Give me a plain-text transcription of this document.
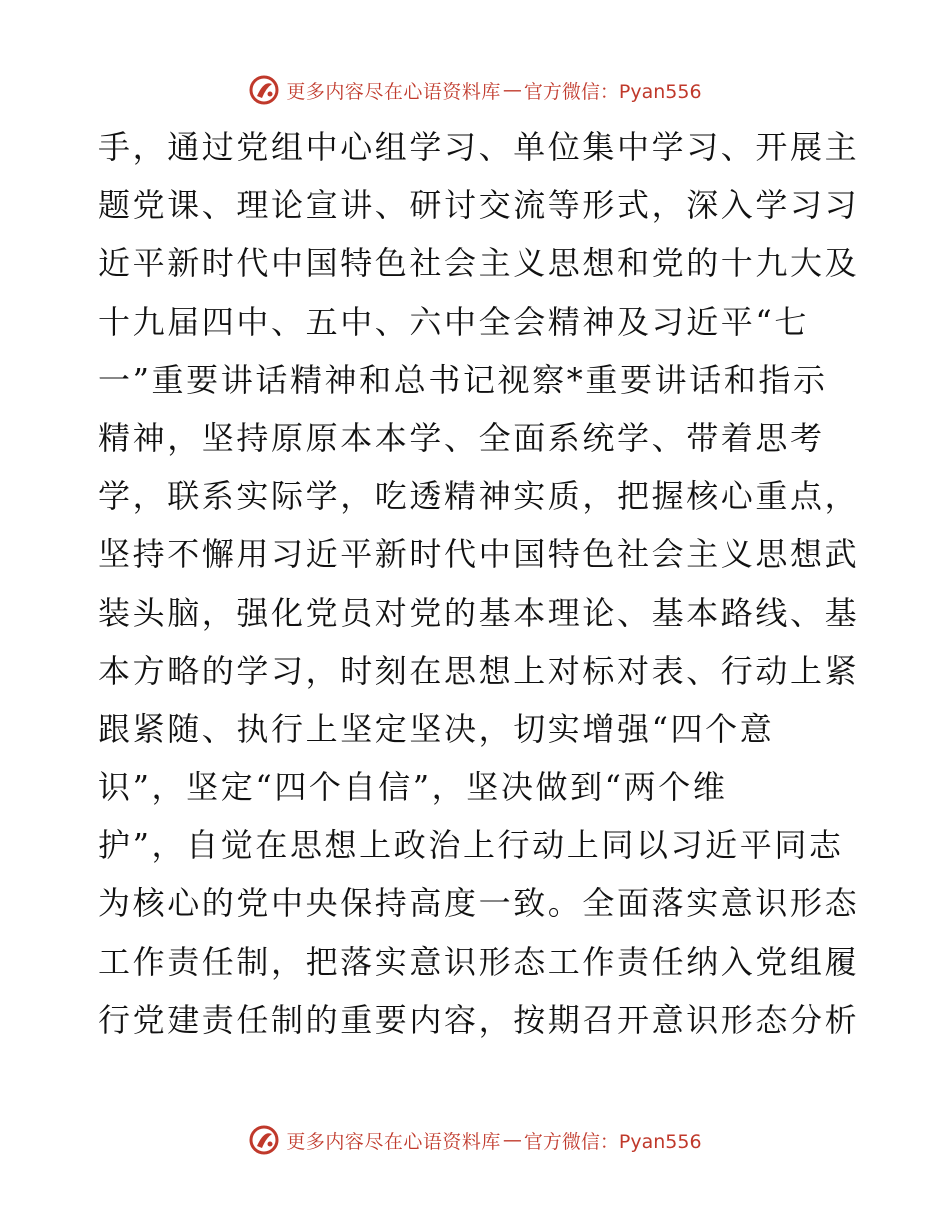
更多内容尽在心语资料库 — 官方微信：Pyan556
手，通过党组中心组学习、单位集中学习、开展主
题党课、理论宣讲、研讨交流等形式，深入学习习
近平新时代中国特色社会主义思想和党的十九大及
十九届四中、五中、六中全会精神及习近平“七
一”重要讲话精神和总书记视察*重要讲话和指示
精神，坚持原原本本学、全面系统学、带着思考
学，联系实际学，吃透精神实质，把握核心重点，
坚持不懈用习近平新时代中国特色社会主义思想武
装头脑，强化党员对党的基本理论、基本路线、基
本方略的学习，时刻在思想上对标对表、行动上紧
跟紧随、执行上坚定坚决，切实增强“四个意
识”，坚定“四个自信”，坚决做到“两个维
护”，自觉在思想上政治上行动上同以习近平同志
为核心的党中央保持高度一致。全面落实意识形态
工作责任制，把落实意识形态工作责任纳入党组履
行党建责任制的重要内容，按期召开意识形态分析
更多内容尽在心语资料库 — 官方微信：Pyan556
